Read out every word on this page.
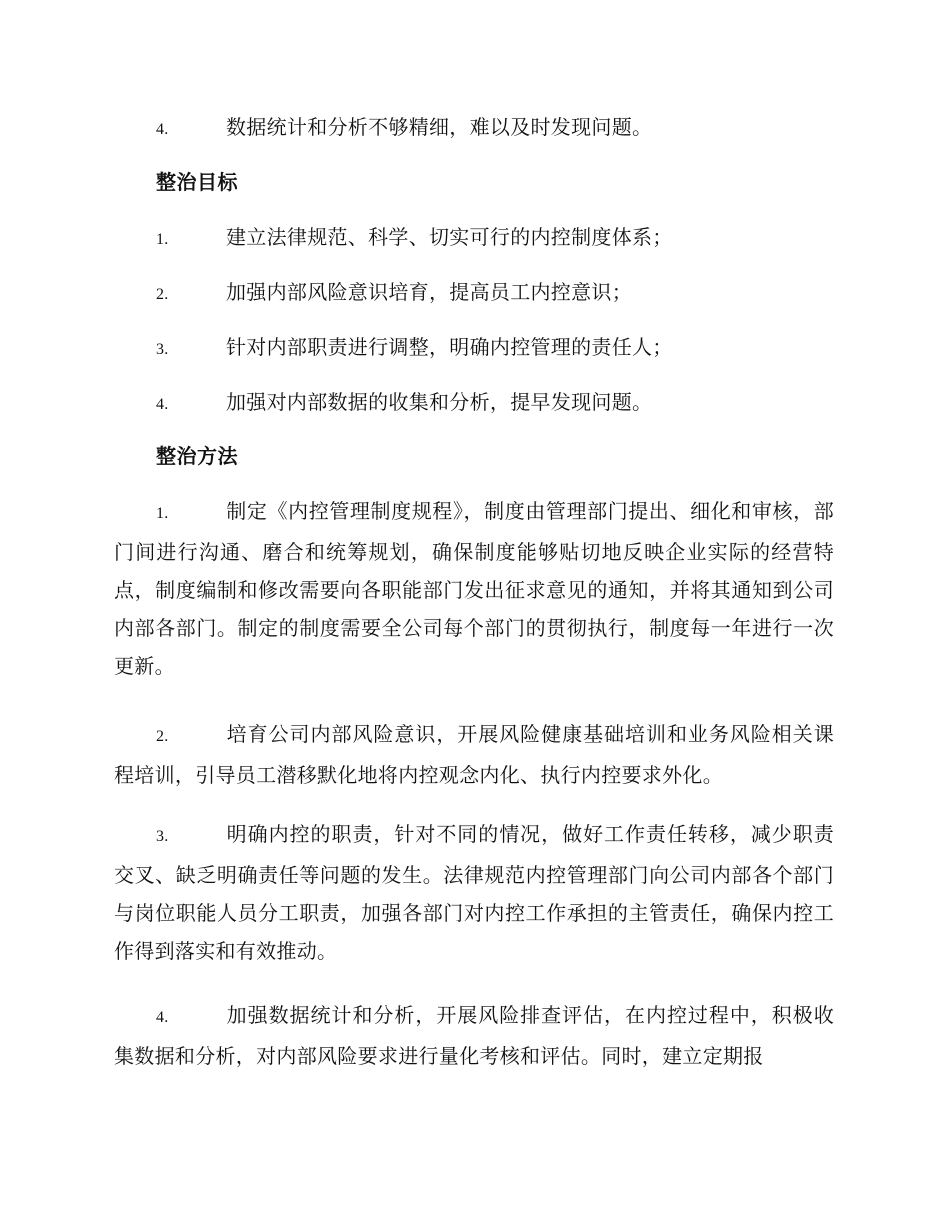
4.	数据统计和分析不够精细，难以及时发现问题。
整治目标
1.	建立法律规范、科学、切实可行的内控制度体系；
2.	加强内部风险意识培育，提高员工内控意识；
3.	针对内部职责进行调整，明确内控管理的责任人；
4.	加强对内部数据的收集和分析，提早发现问题。
整治方法
1.	制定《内控管理制度规程》，制度由管理部门提出、细化和审核，部门间进行沟通、磨合和统筹规划，确保制度能够贴切地反映企业实际的经营特点，制度编制和修改需要向各职能部门发出征求意见的通知，并将其通知到公司内部各部门。制定的制度需要全公司每个部门的贯彻执行，制度每一年进行一次更新。
2.	培育公司内部风险意识，开展风险健康基础培训和业务风险相关课程培训，引导员工潜移默化地将内控观念内化、执行内控要求外化。
3.	明确内控的职责，针对不同的情况，做好工作责任转移，减少职责交叉、缺乏明确责任等问题的发生。法律规范内控管理部门向公司内部各个部门与岗位职能人员分工职责，加强各部门对内控工作承担的主管责任，确保内控工作得到落实和有效推动。
4.	加强数据统计和分析，开展风险排查评估，在内控过程中，积极收集数据和分析，对内部风险要求进行量化考核和评估。同时，建立定期报
